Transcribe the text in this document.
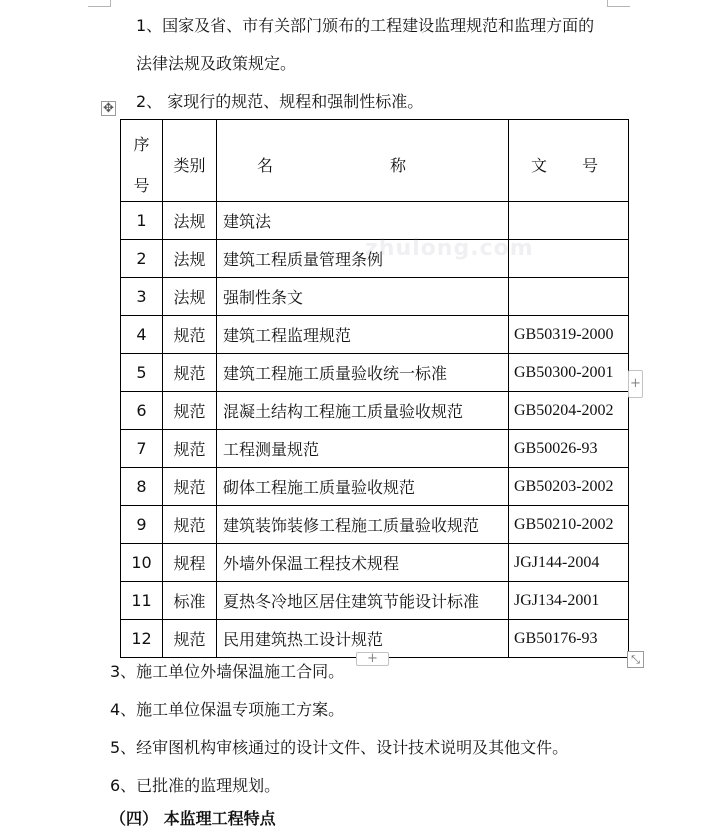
1、国家及省、市有关部门颁布的工程建设监理规范和监理方面的
法律法规及政策规定。
2、 家现行的规范、规程和强制性标准。
✥
序
号	类别	名 称	文 号

1	法规	建筑法	
2	法规	建筑工程质量管理条例	
3	法规	强制性条文	
4	规范	建筑工程监理规范	GB50319-2000
5	规范	建筑工程施工质量验收统一标准	GB50300-2001
6	规范	混凝土结构工程施工质量验收规范	GB50204-2002
7	规范	工程测量规范	GB50026-93
8	规范	砌体工程施工质量验收规范	GB50203-2002
9	规范	建筑装饰装修工程施工质量验收规范	GB50210-2002
10	规程	外墙外保温工程技术规程	JGJ144-2004
11	标准	夏热冬冷地区居住建筑节能设计标准	JGJ134-2001
12	规范	民用建筑热工设计规范	GB50176-93
zhulong.com
+
+	⤡
3、施工单位外墙保温施工合同。
4、施工单位保温专项施工方案。
5、经审图机构审核通过的设计文件、设计技术说明及其他文件。
6、已批准的监理规划。
（四） 本监理工程特点
